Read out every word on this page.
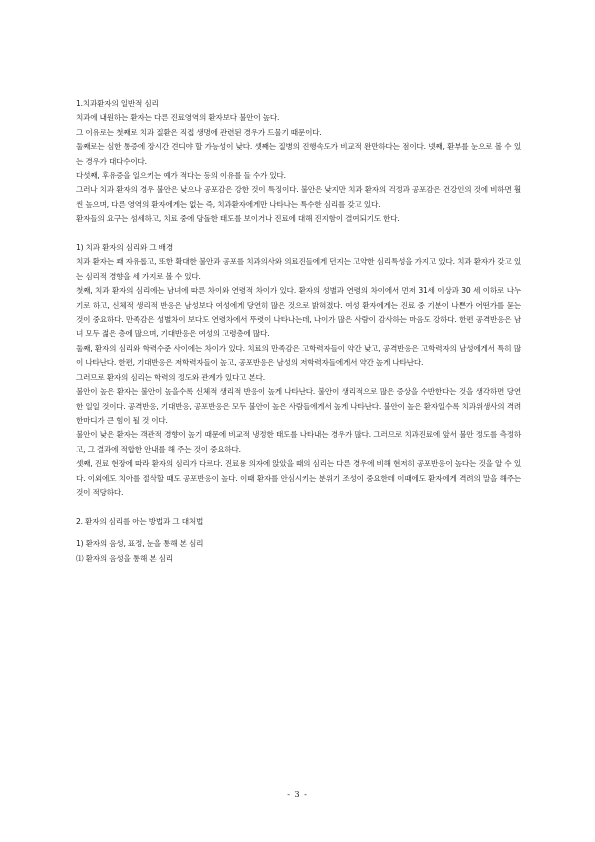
1.치과환자의 일반적 심리

치과에 내원하는 환자는 다른 진료영역의 환자보다 불안이 높다.

그 이유로는 첫째로 치과 질환은 직접 생명에 관련된 경우가 드물기 때문이다.

둘째로는 심한 통증에 장시간 견디야 할 가능성이 낮다. 셋째는 질병의 진행속도가 비교적 완만하다는 점이다. 넷째, 환부를 눈으로 볼 수 있는 경우가 대다수이다.

다섯째, 후유증을 일으키는 예가 적다는 등의 이유를 들 수가 있다.

그러나 치과 환자의 경우 불안은 낮으나 공포감은 강한 것이 특징이다. 불안은 낮지만 치과 환자의 걱정과 공포감은 건강인의 것에 비하면 훨씬 높으며, 다른 영역의 환자에게는 없는 즉, 치과환자에게만 나타나는 특수한 심리를 갖고 있다.

환자들의 요구는 섬세하고, 치료 중에 당돌한 태도를 보이거나 진료에 대해 진지함이 결여되기도 한다.

1) 치과 환자의 심리와 그 배경

치과 환자는 꽤 자유롭고, 또한 확대한 불안과 공포를 치과의사와 의료진들에게 던지는 고약한 심리특성을 가지고 있다. 치과 환자가 갖고 있는 심리적 경향을 세 가지로 볼 수 있다.

첫째, 치과 환자의 심리에는 남녀에 따른 차이와 연령적 차이가 있다. 환자의 성별과 연령의 차이에서 먼저 31세 이상과 30 세 이하로 나누기로 하고, 신체적 생리적 반응은 남성보다 여성에게 당연히 많은 것으로 밝혀졌다. 여성 환자에게는 진료 중 기분이 나쁜가 어떤가를 묻는 것이 중요하다. 만족감은 성별차이 보다도 연령차에서 뚜렷이 나타나는데, 나이가 많은 사람이 감사하는 마음도 강하다. 한편 공격반응은 남녀 모두 젊은 층에 많으며, 기대반응은 여성의 고령층에 많다.

둘째, 환자의 심리와 학력수준 사이에는 차이가 있다. 치료의 만족감은 고학력자들이 약간 낮고, 공격반응은 고학력자의 남성에게서 특히 많이 나타난다. 한편, 기대반응은 저학력자들이 높고, 공포반응은 남성의 저학력자들에게서 약간 높게 나타난다.

그러므로 환자의 심리는 학력의 정도와 관계가 있다고 본다.

불안이 높은 환자는 불안이 높을수록 신체적 생리적 반응이 높게 나타난다. 불안이 생리적으로 많은 증상을 수반한다는 것을 생각하면 당연한 일일 것이다. 공격반응, 기대반응, 공포반응은 모두 불안이 높은 사람들에게서 높게 나타난다. 불안이 높은 환자일수록 치과위생사의 격려 한마디가 큰 힘이 될 것 이다.

불안이 낮은 환자는 객관적 경향이 높기 때문에 비교적 냉정한 태도를 나타내는 경우가 많다. 그러므로 치과진료에 앞서 불안 정도를 측정하고, 그 결과에 적합한 안내를 해 주는 것이 중요하다.

셋째, 진료 현장에 따라 환자의 심리가 다르다. 진료용 의자에 앉았을 때의 심리는 다른 경우에 비해 현저히 공포반응이 높다는 것을 알 수 있다. 이외에도 치아를 절삭할 때도 공포반응이 높다. 이때 환자를 안심시키는 분위기 조성이 중요한데 이때에도 환자에게 격려의 말을 해주는 것이 적당하다.

2. 환자의 심리를 아는 방법과 그 대처법

1) 환자의 음성, 표정, 눈을 통해 본 심리

⑴ 환자의 음성을 통해 본 심리

- 3 -
